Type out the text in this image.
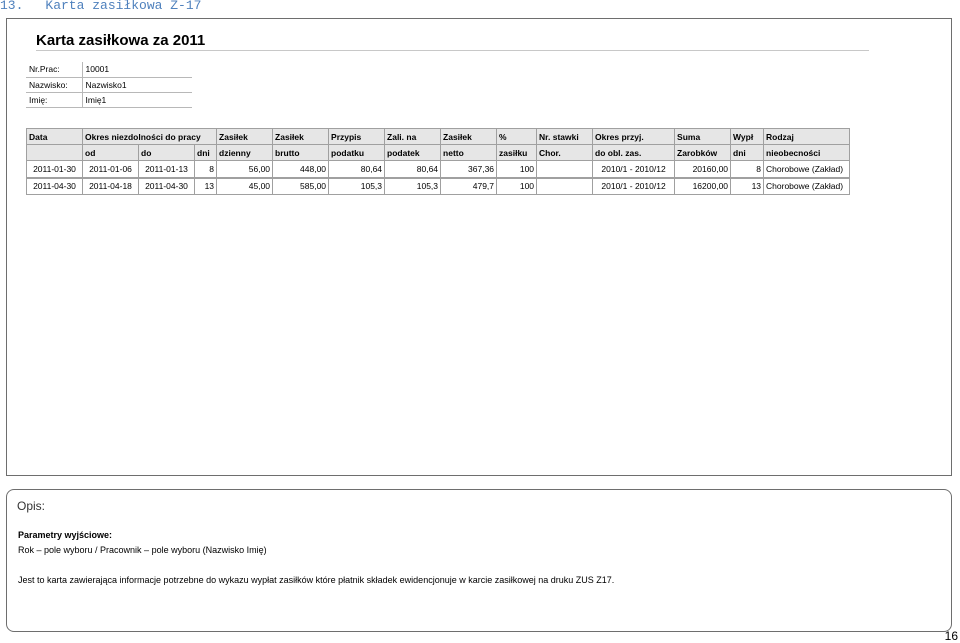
13. Karta zasiłkowa Z-17
Karta zasiłkowa za 2011
Nr.Prac:	10001
Nazwisko:	Nazwisko1
Imię:	Imię1
Data	Okres niezdolności do pracy			Zasiłek	Zasiłek	Przypis	Zali. na	Zasiłek	%	Nr. stawki	Okres przyj.	Suma	Wypł	Rodzaj
	od	do	dni	dzienny	brutto	podatku	podatek	netto	zasiłku	Chor.	do obl. zas.	Zarobków	dni	nieobecności
2011-01-30	2011-01-06	2011-01-13	8	56,00	448,00	80,64	80,64	367,36	100		2010/1 - 2010/12	20160,00	8	Chorobowe (Zakład)
2011-04-30	2011-04-18	2011-04-30	13	45,00	585,00	105,3	105,3	479,7	100		2010/1 - 2010/12	16200,00	13	Chorobowe (Zakład)
Opis:
Parametry wyjściowe:
Rok – pole wyboru / Pracownik – pole wyboru (Nazwisko Imię)
Jest to karta zawierająca informacje potrzebne do wykazu wypłat zasiłków które płatnik składek ewidencjonuje w karcie zasiłkowej na druku ZUS Z17.
16
